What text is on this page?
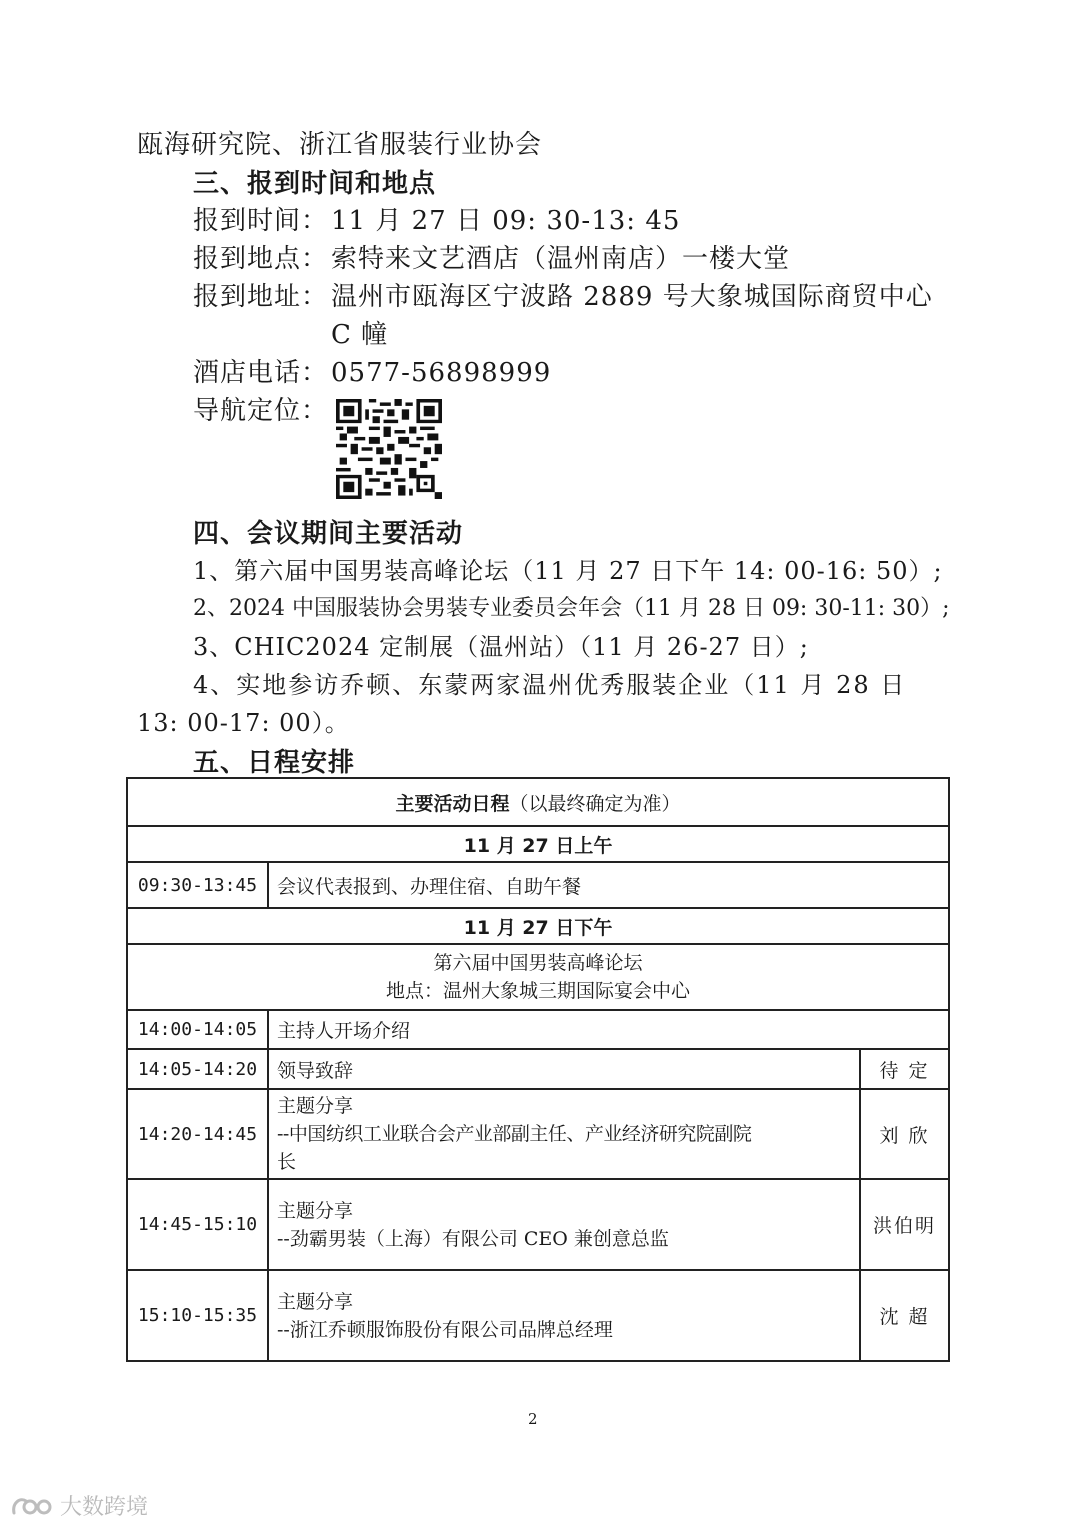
瓯海研究院、浙江省服装行业协会
三、报到时间和地点
报到时间： 11 月 27 日 09: 30-13: 45
报到地点： 索特来文艺酒店（温州南店）一楼大堂
报到地址： 温州市瓯海区宁波路 2889 号大象城国际商贸中心
C 幢
酒店电话： 0577-56898999
导航定位：
四、会议期间主要活动
1、第六届中国男装高峰论坛（11 月 27 日下午 14: 00-16: 50）;
2、2024 中国服装协会男装专业委员会年会（11 月 28 日 09: 30-11: 30）;
3、CHIC2024 定制展（温州站）（11 月 26-27 日）;
4、实地参访乔顿、东蒙两家温州优秀服装企业（11 月 28 日
13: 00-17: 00）。
五、日程安排
主要活动日程（以最终确定为准）		
11 月 27 日上午		
09:30-13:45	会议代表报到、办理住宿、自助午餐	
11 月 27 日下午		

第六届中国男装高峰论坛
地点：温州大象城三期国际宴会中心		

14:00-14:05	主持人开场介绍	
14:05-14:20	领导致辞	待 定
14:20-14:45	主题分享
--中国纺织工业联合会产业部副主任、产业经济研究院副院
长	刘 欣
14:45-15:10	主题分享
--劲霸男装（上海）有限公司 CEO 兼创意总监	洪伯明
15:10-15:35	主题分享
--浙江乔顿服饰股份有限公司品牌总经理	沈 超
2
大数跨境
